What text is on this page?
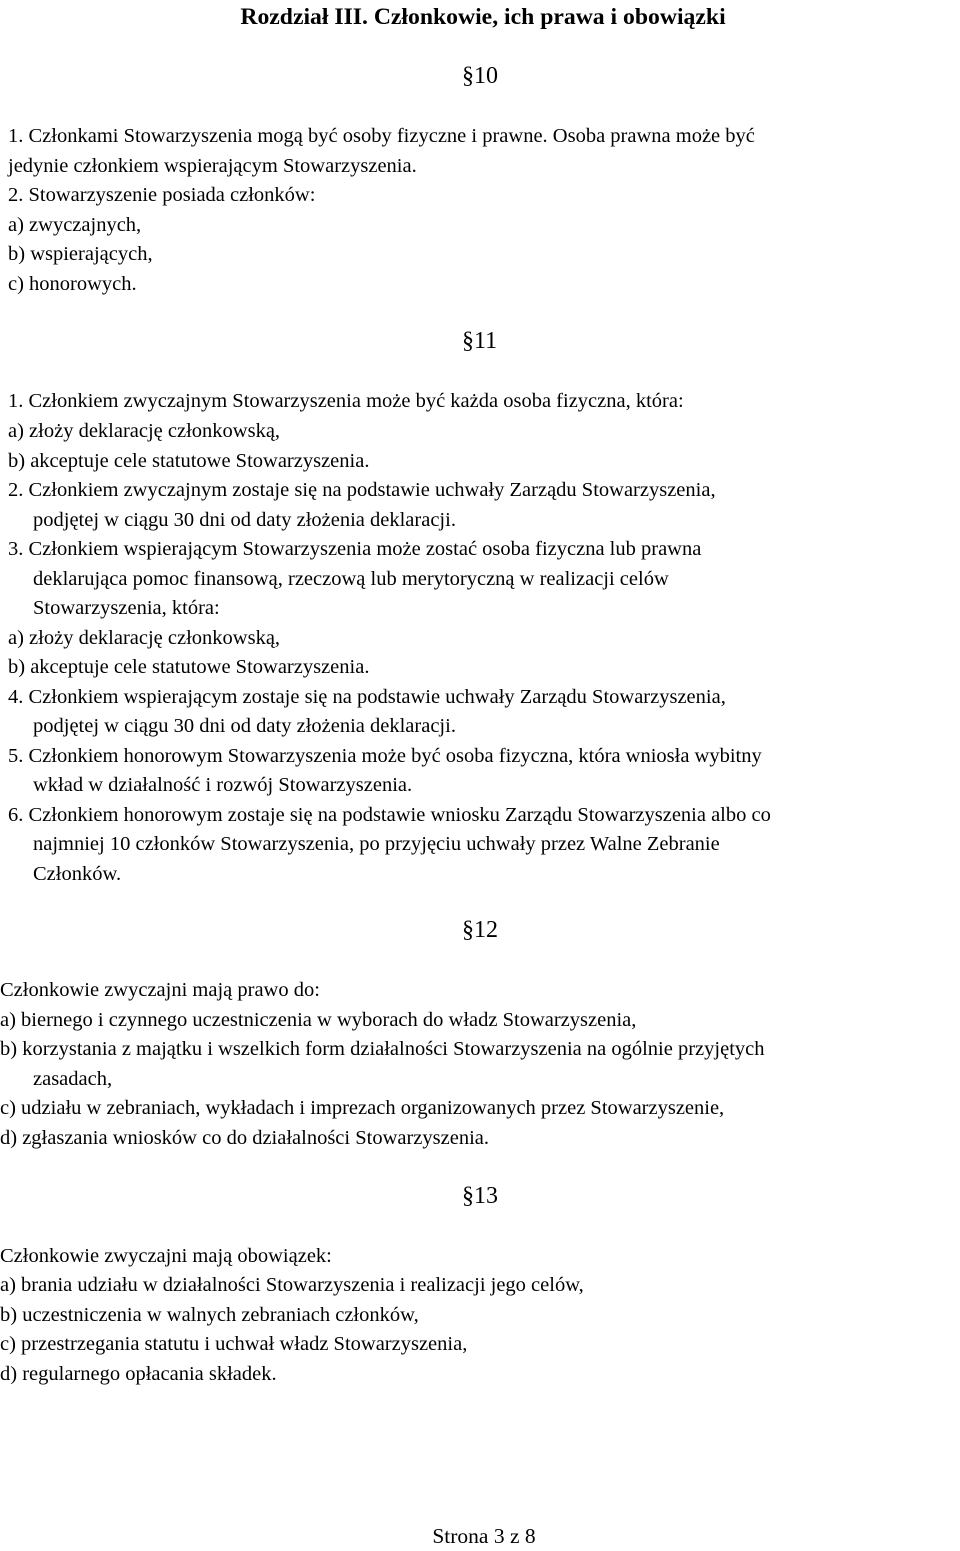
Rozdział III. Członkowie, ich prawa i obowiązki
§10
1. Członkami Stowarzyszenia mogą być osoby fizyczne i prawne. Osoba prawna może być
jedynie członkiem wspierającym Stowarzyszenia.
2. Stowarzyszenie posiada członków:
a) zwyczajnych,
b) wspierających,
c) honorowych.
§11
1. Członkiem zwyczajnym Stowarzyszenia może być każda osoba fizyczna, która:
a) złoży deklarację członkowską,
b) akceptuje cele statutowe Stowarzyszenia.
2. Członkiem zwyczajnym zostaje się na podstawie uchwały Zarządu Stowarzyszenia,
podjętej w ciągu 30 dni od daty złożenia deklaracji.
3. Członkiem wspierającym Stowarzyszenia może zostać osoba fizyczna lub prawna
deklarująca pomoc finansową, rzeczową lub merytoryczną w realizacji celów
Stowarzyszenia, która:
a) złoży deklarację członkowską,
b) akceptuje cele statutowe Stowarzyszenia.
4. Członkiem wspierającym zostaje się na podstawie uchwały Zarządu Stowarzyszenia,
podjętej w ciągu 30 dni od daty złożenia deklaracji.
5. Członkiem honorowym Stowarzyszenia może być osoba fizyczna, która wniosła wybitny
wkład w działalność i rozwój Stowarzyszenia.
6. Członkiem honorowym zostaje się na podstawie wniosku Zarządu Stowarzyszenia albo co
najmniej 10 członków Stowarzyszenia, po przyjęciu uchwały przez Walne Zebranie
Członków.
§12
Członkowie zwyczajni mają prawo do:
a) biernego i czynnego uczestniczenia w wyborach do władz Stowarzyszenia,
b) korzystania z majątku i wszelkich form działalności Stowarzyszenia na ogólnie przyjętych
zasadach,
c) udziału w zebraniach, wykładach i imprezach organizowanych przez Stowarzyszenie,
d) zgłaszania wniosków co do działalności Stowarzyszenia.
§13
Członkowie zwyczajni mają obowiązek:
a) brania udziału w działalności Stowarzyszenia i realizacji jego celów,
b) uczestniczenia w walnych zebraniach członków,
c) przestrzegania statutu i uchwał władz Stowarzyszenia,
d) regularnego opłacania składek.
Strona 3 z 8
